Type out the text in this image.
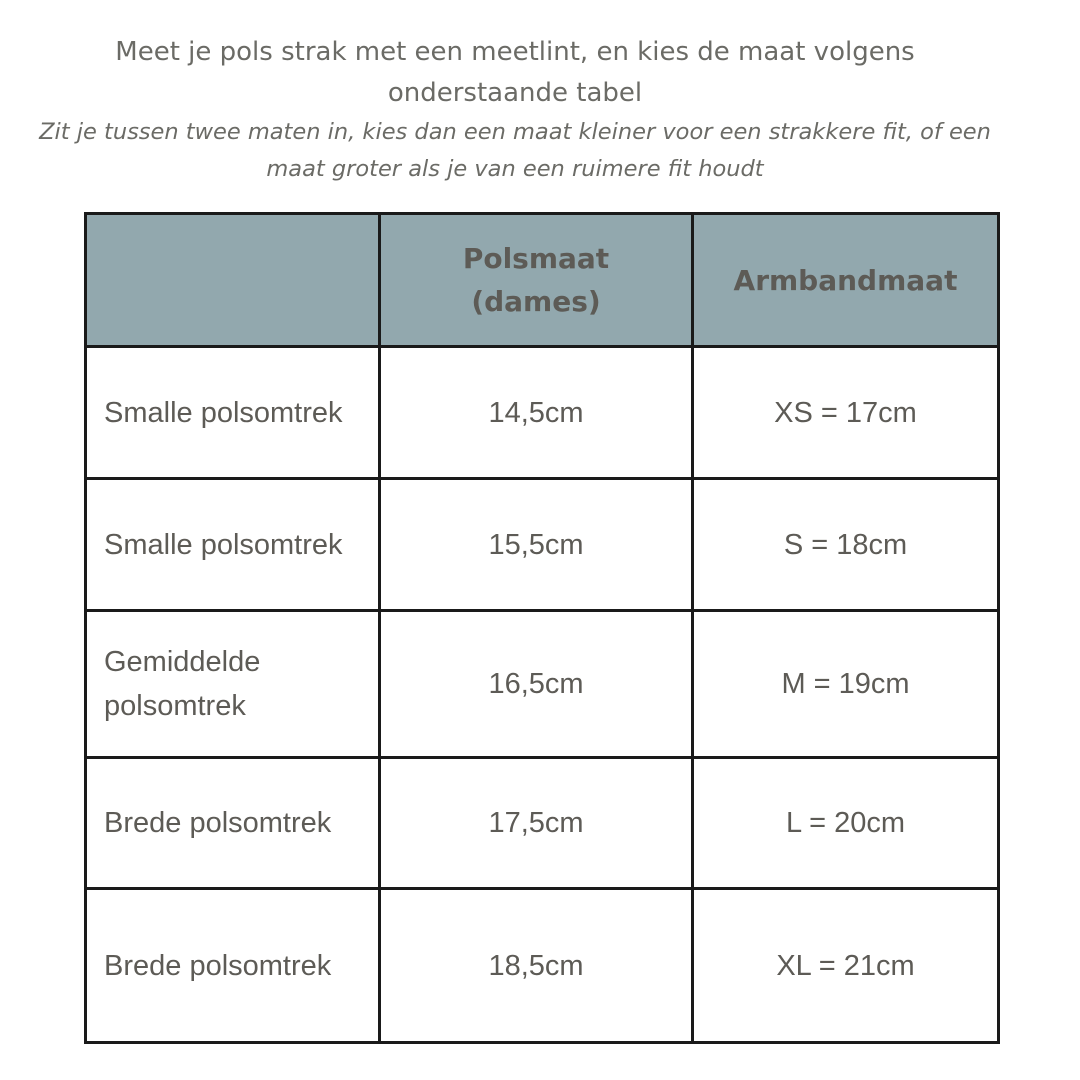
Meet je pols strak met een meetlint, en kies de maat volgens onderstaande tabel

Zit je tussen twee maten in, kies dan een maat kleiner voor een strakkere fit, of een maat groter als je van een ruimere fit houdt

	Polsmaat (dames)	Armbandmaat
Smalle polsomtrek	14,5cm	XS = 17cm
Smalle polsomtrek	15,5cm	S = 18cm
Gemiddelde polsomtrek	16,5cm	M = 19cm
Brede polsomtrek	17,5cm	L = 20cm
Brede polsomtrek	18,5cm	XL = 21cm
